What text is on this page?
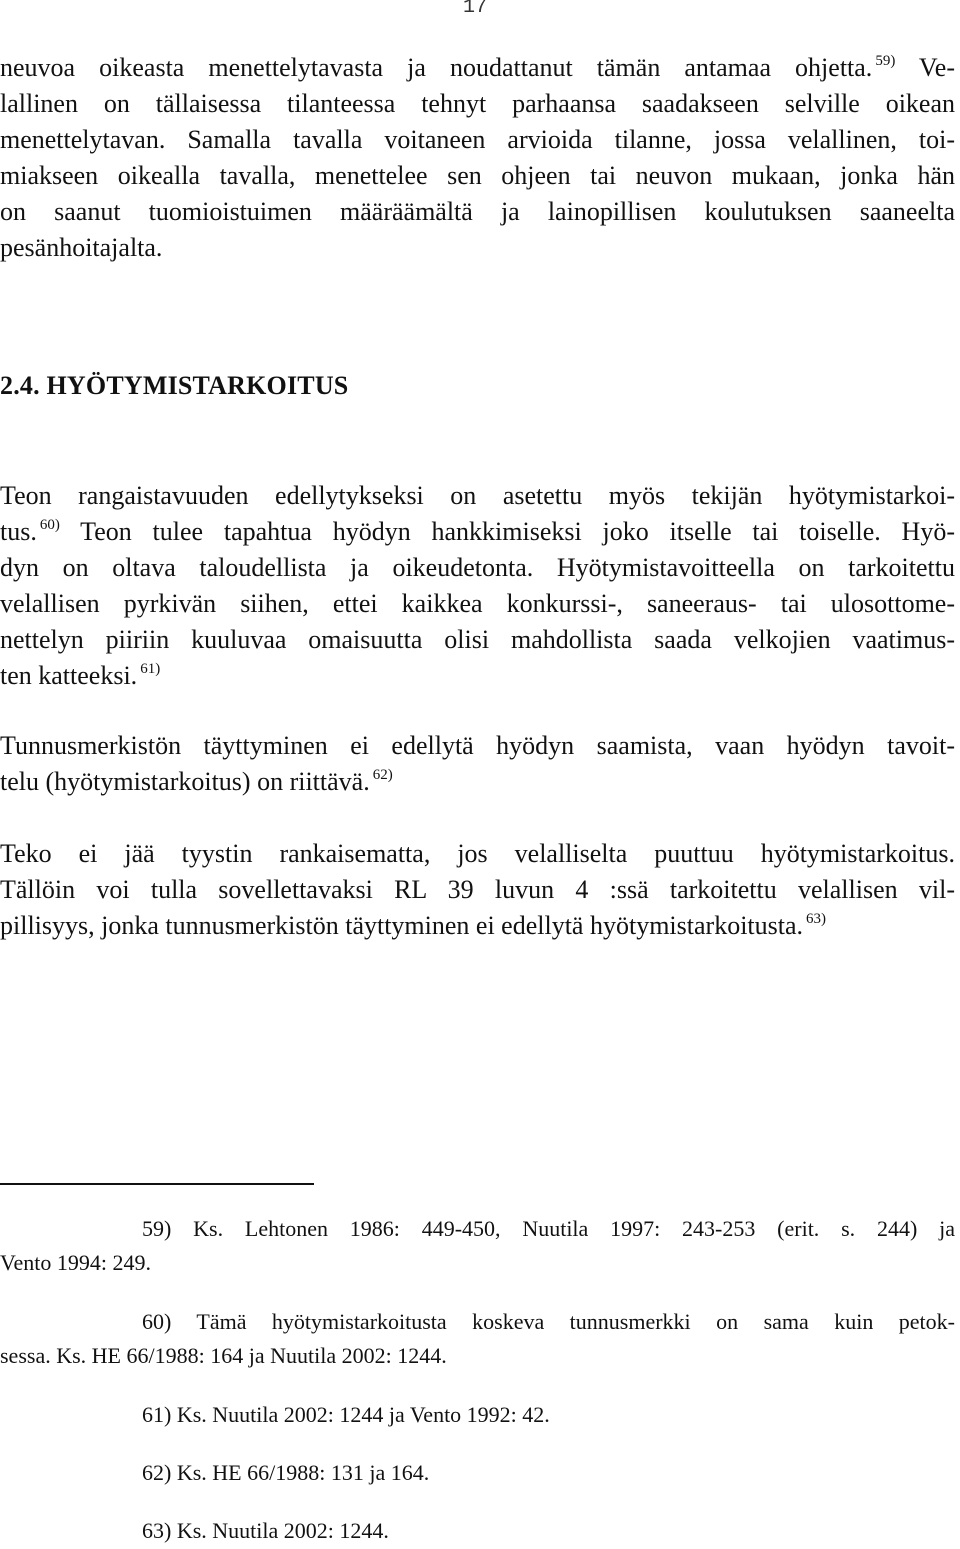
17
neuvoa oikeasta menettelytavasta ja noudattanut tämän antamaa ohjetta. $^{59)}$ Ve-
lallinen on tällaisessa tilanteessa tehnyt parhaansa saadakseen selville oikean
menettelytavan. Samalla tavalla voitaneen arvioida tilanne, jossa velallinen, toi-
miakseen oikealla tavalla, menettelee sen ohjeen tai neuvon mukaan, jonka hän
on saanut tuomioistuimen määräämältä ja lainopillisen koulutuksen saaneelta
pesänhoitajalta.
2.4. HYÖTYMISTARKOITUS
Teon rangaistavuuden edellytykseksi on asetettu myös tekijän hyötymistarkoi-
tus. $^{60)}$ Teon tulee tapahtua hyödyn hankkimiseksi joko itselle tai toiselle. Hyö-
dyn on oltava taloudellista ja oikeudetonta. Hyötymistavoitteella on tarkoitettu
velallisen pyrkivän siihen, ettei kaikkea konkurssi-, saneeraus- tai ulosottome-
nettelyn piiriin kuuluvaa omaisuutta olisi mahdollista saada velkojien vaatimus-
ten katteeksi. $^{61)}$
Tunnusmerkistön täyttyminen ei edellytä hyödyn saamista, vaan hyödyn tavoit-
telu (hyötymistarkoitus) on riittävä. $^{62)}$
Teko ei jää tyystin rankaisematta, jos velalliselta puuttuu hyötymistarkoitus.
Tällöin voi tulla sovellettavaksi RL 39 luvun 4 :ssä tarkoitettu velallisen vil-
pillisyys, jonka tunnusmerkistön täyttyminen ei edellytä hyötymistarkoitusta. $^{63)}$
59) Ks. Lehtonen 1986: 449-450, Nuutila 1997: 243-253 (erit. s. 244) ja
Vento 1994: 249.
60) Tämä hyötymistarkoitusta koskeva tunnusmerkki on sama kuin petok-
sessa. Ks. HE 66/1988: 164 ja Nuutila 2002: 1244.
61) Ks. Nuutila 2002: 1244 ja Vento 1992: 42.
62) Ks. HE 66/1988: 131 ja 164.
63) Ks. Nuutila 2002: 1244.
